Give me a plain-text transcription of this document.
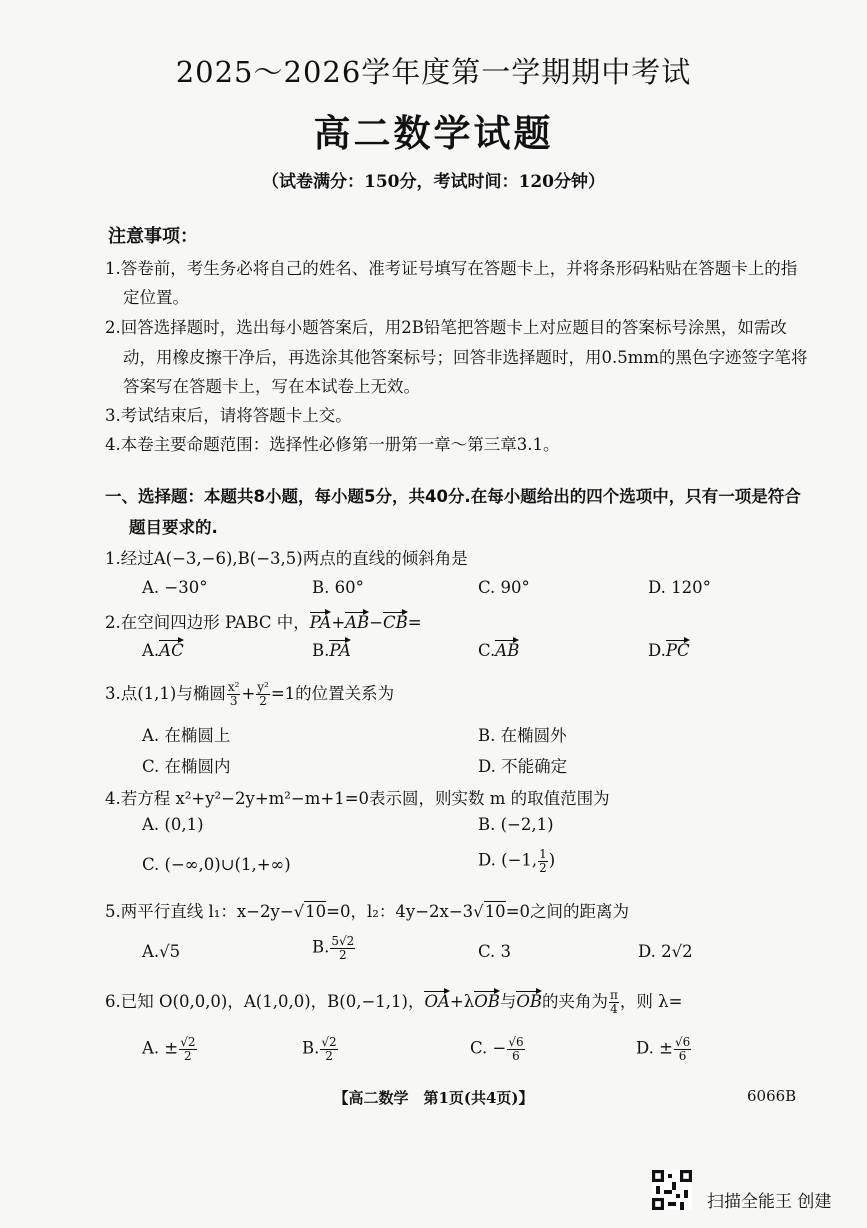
2025～2026学年度第一学期期中考试
高二数学试题
（试卷满分：150分，考试时间：120分钟）
注意事项：
1.答卷前，考生务必将自己的姓名、准考证号填写在答题卡上，并将条形码粘贴在答题卡上的指
定位置。
2.回答选择题时，选出每小题答案后，用2B铅笔把答题卡上对应题目的答案标号涂黑，如需改
动，用橡皮擦干净后，再选涂其他答案标号；回答非选择题时，用0.5mm的黑色字迹签字笔将
答案写在答题卡上，写在本试卷上无效。
3.考试结束后，请将答题卡上交。
4.本卷主要命题范围：选择性必修第一册第一章～第三章3.1。
一、选择题：本题共8小题，每小题5分，共40分.在每小题给出的四个选项中，只有一项是符合
题目要求的.
1.经过A(−3,−6),B(−3,5)两点的直线的倾斜角是
A. −30°	B. 60°	C. 90°	D. 120°
2.在空间四边形 PABC 中，PA+AB−CB=
A.AC	B.PA	C.AB	D.PC
3.点(1,1)与椭圆 $\frac{\text{x²}}{3} + \frac{\text{y²}}{2} =1$的位置关系为
A. 在椭圆上	B. 在椭圆外
C. 在椭圆内	D. 不能确定
4.若方程 x²+y²−2y+m²−m+1=0表示圆，则实数 m 的取值范围为
A. (0,1)	B. (−2,1)
C. (−∞,0)∪(1,+∞)	D. (−1, $\frac{1}{2}$ )
5.两平行直线 l₁：x−2y−√10=0，l₂：4y−2x−3√10=0之间的距离为
A.√5	B. $\frac{5√2}{2}$	C. 3	D. 2√2
6.已知 O(0,0,0)，A(1,0,0)，B(0,−1,1)，OA+λOB与OB的夹角为 $\frac{\pi}{4}$ ，则 λ=
A. ± $\frac{√2}{2}$	B. $\frac{√2}{2}$	C. − $\frac{√6}{6}$	D. ± $\frac{√6}{6}$
【高二数学　第1页(共4页)】	6066B
扫描全能王 创建
